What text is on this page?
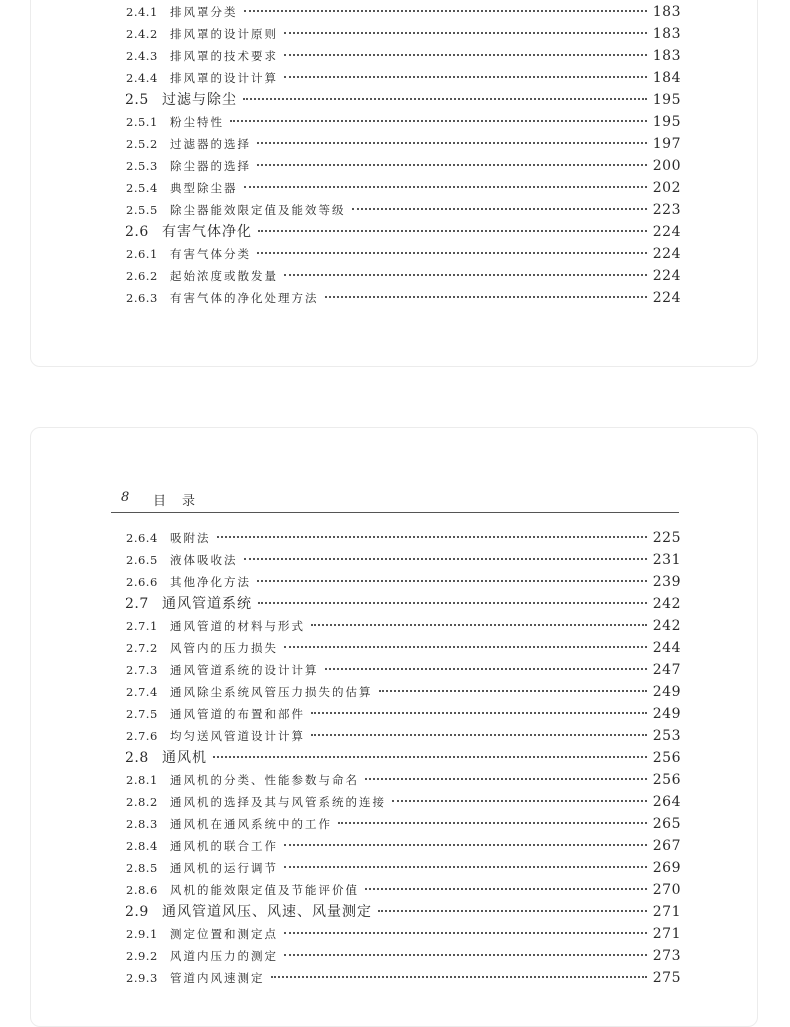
2.4.1	排风罩分类	183
2.4.2	排风罩的设计原则	183
2.4.3	排风罩的技术要求	183
2.4.4	排风罩的设计计算	184
2.5 过滤与除尘	195
2.5.1	粉尘特性	195
2.5.2	过滤器的选择	197
2.5.3	除尘器的选择	200
2.5.4	典型除尘器	202
2.5.5	除尘器能效限定值及能效等级	223
2.6 有害气体净化	224
2.6.1	有害气体分类	224
2.6.2	起始浓度或散发量	224
2.6.3	有害气体的净化处理方法	224
8 目录
2.6.4	吸附法	225
2.6.5	液体吸收法	231
2.6.6	其他净化方法	239
2.7 通风管道系统	242
2.7.1	通风管道的材料与形式	242
2.7.2	风管内的压力损失	244
2.7.3	通风管道系统的设计计算	247
2.7.4	通风除尘系统风管压力损失的估算	249
2.7.5	通风管道的布置和部件	249
2.7.6	均匀送风管道设计计算	253
2.8 通风机	256
2.8.1	通风机的分类、性能参数与命名	256
2.8.2	通风机的选择及其与风管系统的连接	264
2.8.3	通风机在通风系统中的工作	265
2.8.4	通风机的联合工作	267
2.8.5	通风机的运行调节	269
2.8.6	风机的能效限定值及节能评价值	270
2.9 通风管道风压、风速、风量测定	271
2.9.1	测定位置和测定点	271
2.9.2	风道内压力的测定	273
2.9.3	管道内风速测定	275
